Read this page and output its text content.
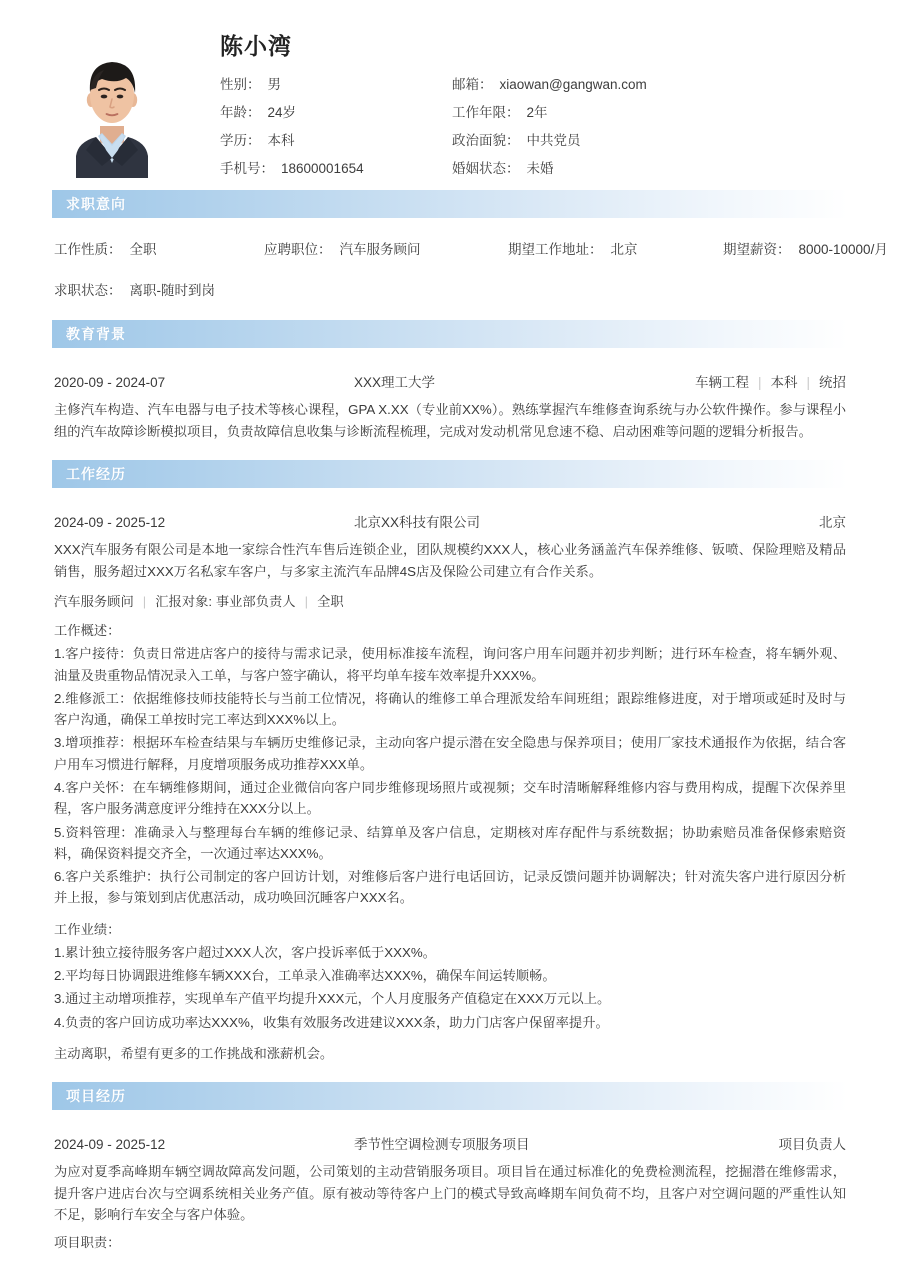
陈小湾
性别： 男	邮箱： xiaowan@gangwan.com
年龄： 24岁	工作年限： 2年
学历： 本科	政治面貌： 中共党员
手机号： 18600001654	婚姻状态： 未婚
求职意向
工作性质： 全职	应聘职位： 汽车服务顾问	期望工作地址： 北京	期望薪资： 8000-10000/月
求职状态： 离职-随时到岗
教育背景
2020-09 - 2024-07	XXX理工大学	车辆工程 | 本科 | 统招

主修汽车构造、汽车电器与电子技术等核心课程，GPA X.XX（专业前XX%）。熟练掌握汽车维修查询系统与办公软件操作。参与课程小组的汽车故障诊断模拟项目，负责故障信息收集与诊断流程梳理，完成对发动机常见怠速不稳、启动困难等问题的逻辑分析报告。

工作经历
2024-09 - 2025-12	北京XX科技有限公司	北京

XXX汽车服务有限公司是本地一家综合性汽车售后连锁企业，团队规模约XXX人，核心业务涵盖汽车保养维修、钣喷、保险理赔及精品销售，服务超过XXX万名私家车客户，与多家主流汽车品牌4S店及保险公司建立有合作关系。

汽车服务顾问 | 汇报对象: 事业部负责人 | 全职

工作概述：

1.客户接待：负责日常进店客户的接待与需求记录，使用标准接车流程，询问客户用车问题并初步判断；进行环车检查，将车辆外观、油量及贵重物品情况录入工单，与客户签字确认，将平均单车接车效率提升XXX%。

2.维修派工：依据维修技师技能特长与当前工位情况，将确认的维修工单合理派发给车间班组；跟踪维修进度，对于增项或延时及时与客户沟通，确保工单按时完工率达到XXX%以上。

3.增项推荐：根据环车检查结果与车辆历史维修记录，主动向客户提示潜在安全隐患与保养项目；使用厂家技术通报作为依据，结合客户用车习惯进行解释，月度增项服务成功推荐XXX单。

4.客户关怀：在车辆维修期间，通过企业微信向客户同步维修现场照片或视频；交车时清晰解释维修内容与费用构成，提醒下次保养里程，客户服务满意度评分维持在XXX分以上。

5.资料管理：准确录入与整理每台车辆的维修记录、结算单及客户信息，定期核对库存配件与系统数据；协助索赔员准备保修索赔资料，确保资料提交齐全，一次通过率达XXX%。

6.客户关系维护：执行公司制定的客户回访计划，对维修后客户进行电话回访，记录反馈问题并协调解决；针对流失客户进行原因分析并上报，参与策划到店优惠活动，成功唤回沉睡客户XXX名。

工作业绩：

1.累计独立接待服务客户超过XXX人次，客户投诉率低于XXX%。

2.平均每日协调跟进维修车辆XXX台，工单录入准确率达XXX%，确保车间运转顺畅。

3.通过主动增项推荐，实现单车产值平均提升XXX元，个人月度服务产值稳定在XXX万元以上。

4.负责的客户回访成功率达XXX%，收集有效服务改进建议XXX条，助力门店客户保留率提升。

主动离职，希望有更多的工作挑战和涨薪机会。

项目经历
2024-09 - 2025-12	季节性空调检测专项服务项目	项目负责人

为应对夏季高峰期车辆空调故障高发问题，公司策划的主动营销服务项目。项目旨在通过标准化的免费检测流程，挖掘潜在维修需求，提升客户进店台次与空调系统相关业务产值。原有被动等待客户上门的模式导致高峰期车间负荷不均，且客户对空调问题的严重性认知不足，影响行车安全与客户体验。

项目职责：
